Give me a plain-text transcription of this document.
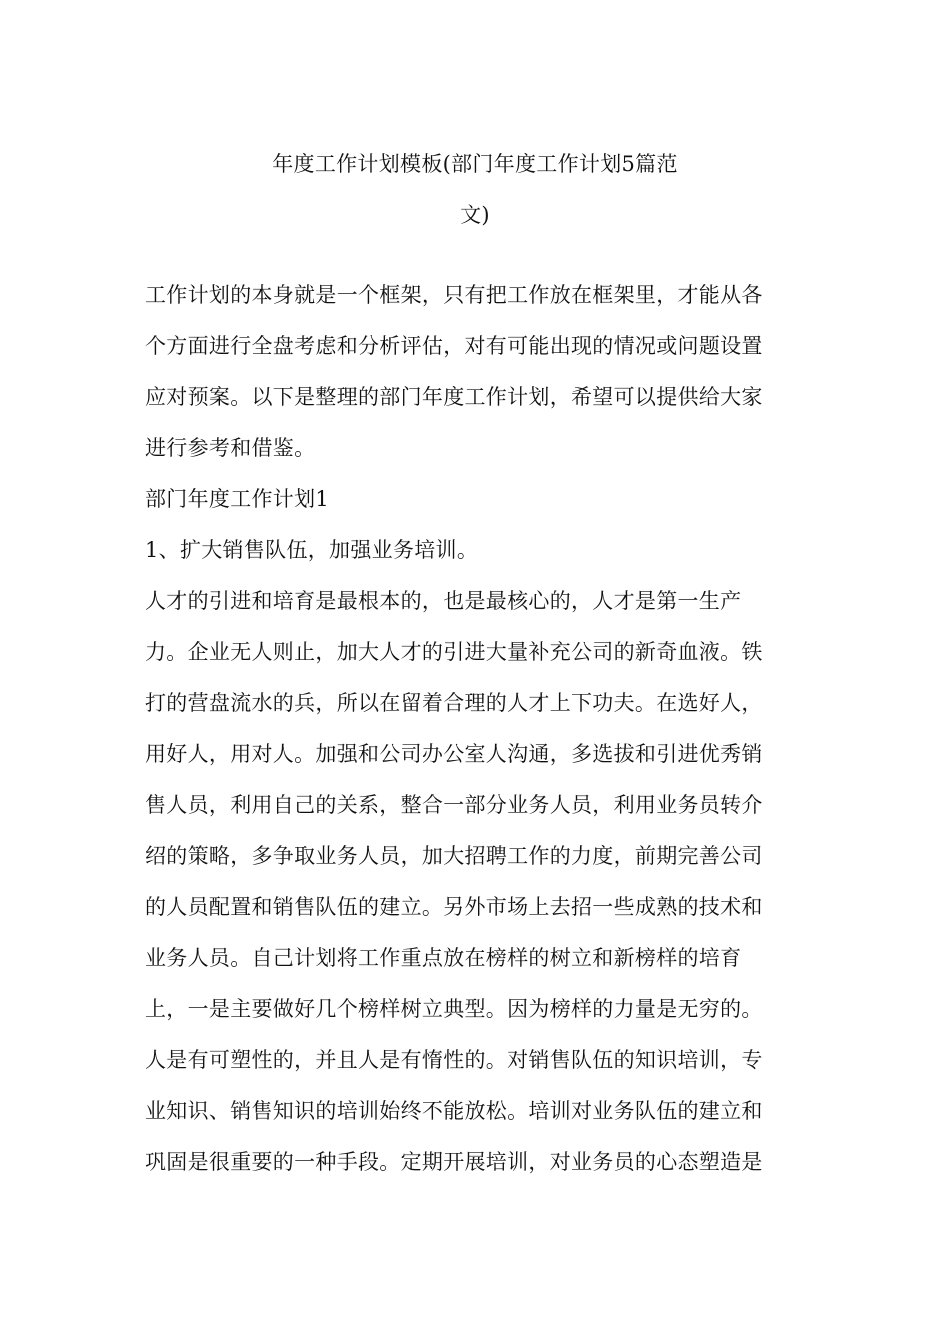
年度工作计划模板(部门年度工作计划5篇范
文)
工作计划的本身就是一个框架，只有把工作放在框架里，才能从各
个方面进行全盘考虑和分析评估，对有可能出现的情况或问题设置
应对预案。以下是整理的部门年度工作计划，希望可以提供给大家
进行参考和借鉴。
部门年度工作计划1
1、扩大销售队伍，加强业务培训。
人才的引进和培育是最根本的，也是最核心的，人才是第一生产
力。企业无人则止，加大人才的引进大量补充公司的新奇血液。铁
打的营盘流水的兵，所以在留着合理的人才上下功夫。在选好人，
用好人，用对人。加强和公司办公室人沟通，多选拔和引进优秀销
售人员，利用自己的关系，整合一部分业务人员，利用业务员转介
绍的策略，多争取业务人员，加大招聘工作的力度，前期完善公司
的人员配置和销售队伍的建立。另外市场上去招一些成熟的技术和
业务人员。自己计划将工作重点放在榜样的树立和新榜样的培育
上，一是主要做好几个榜样树立典型。因为榜样的力量是无穷的。
人是有可塑性的，并且人是有惰性的。对销售队伍的知识培训，专
业知识、销售知识的培训始终不能放松。培训对业务队伍的建立和
巩固是很重要的一种手段。定期开展培训，对业务员的心态塑造是
